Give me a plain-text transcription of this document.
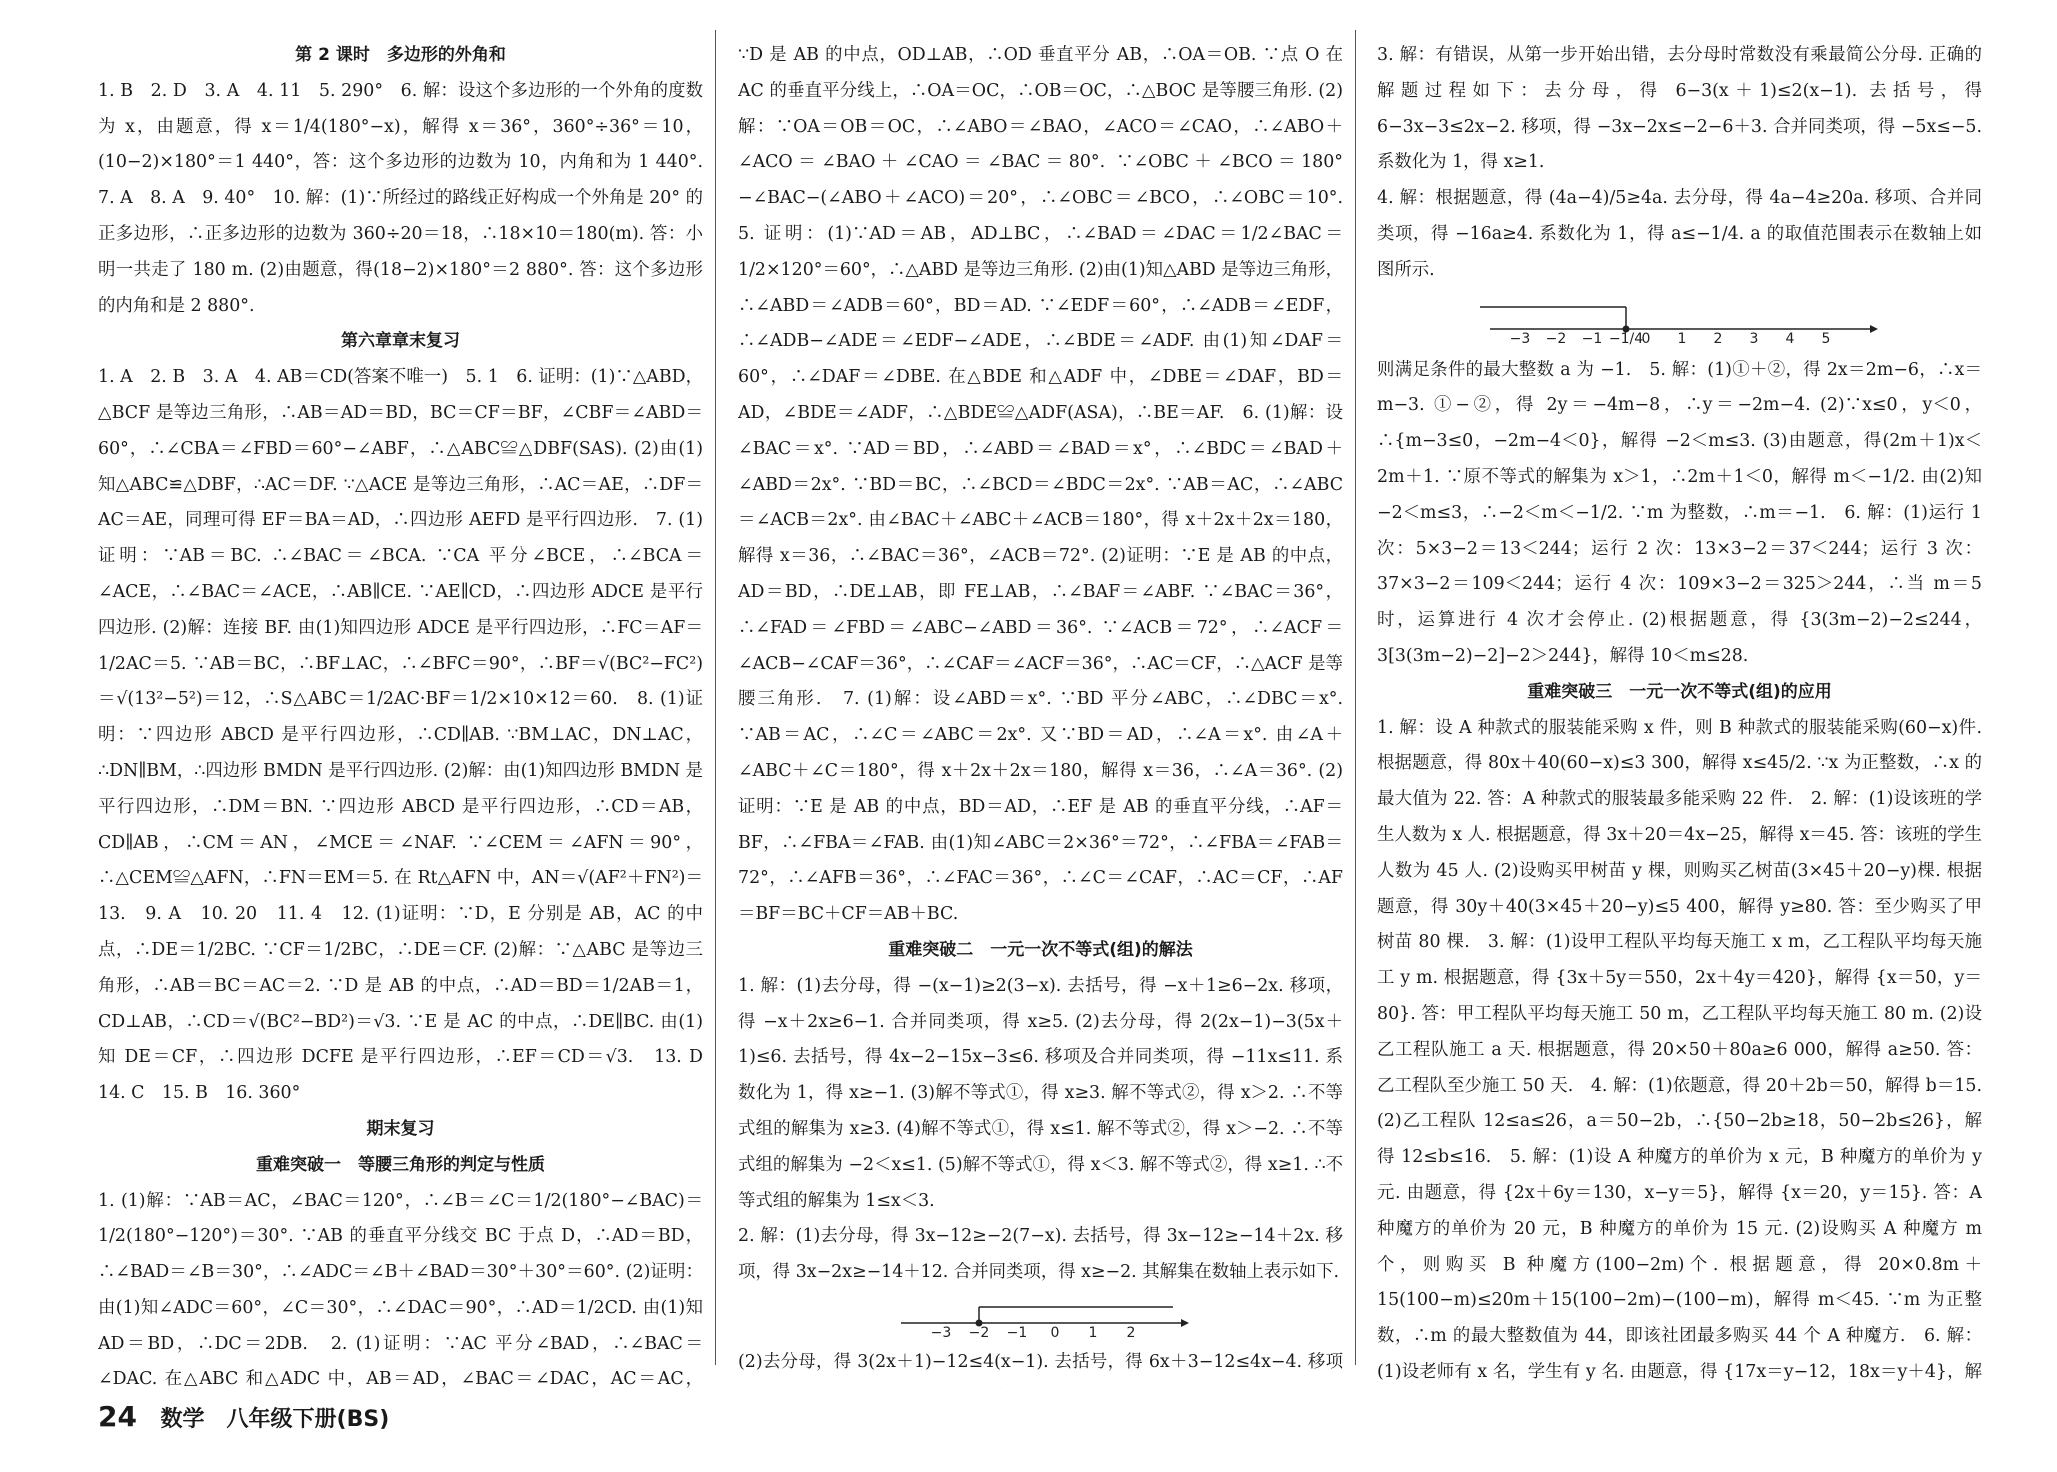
第 2 课时　多边形的外角和

1. B　2. D　3. A　4. 11　5. 290°　6. 解：设这个多边形的一个外角的度数为 x，由题意，得 x＝1/4(180°−x)，解得 x＝36°，360°÷36°＝10，(10−2)×180°＝1 440°，答：这个多边形的边数为 10，内角和为 1 440°.　7. A　8. A　9. 40°　10. 解：(1)∵所经过的路线正好构成一个外角是 20° 的正多边形，∴正多边形的边数为 360÷20＝18，∴18×10＝180(m). 答：小明一共走了 180 m. (2)由题意，得(18−2)×180°＝2 880°. 答：这个多边形的内角和是 2 880°.

第六章章末复习

1. A　2. B　3. A　4. AB＝CD(答案不唯一)　5. 1　6. 证明：(1)∵△ABD，△BCF 是等边三角形，∴AB＝AD＝BD，BC＝CF＝BF，∠CBF＝∠ABD＝60°，∴∠CBA＝∠FBD＝60°−∠ABF，∴△ABC≌△DBF(SAS). (2)由(1)知△ABC≌△DBF，∴AC＝DF. ∵△ACE 是等边三角形，∴AC＝AE，∴DF＝AC＝AE，同理可得 EF＝BA＝AD，∴四边形 AEFD 是平行四边形.　7. (1)证明：∵AB＝BC. ∴∠BAC＝∠BCA. ∵CA 平分∠BCE，∴∠BCA＝∠ACE，∴∠BAC＝∠ACE，∴AB∥CE. ∵AE∥CD，∴四边形 ADCE 是平行四边形. (2)解：连接 BF. 由(1)知四边形 ADCE 是平行四边形，∴FC＝AF＝1/2AC＝5. ∵AB＝BC，∴BF⊥AC，∴∠BFC＝90°，∴BF＝√(BC²−FC²)＝√(13²−5²)＝12，∴S△ABC＝1/2AC·BF＝1/2×10×12＝60.　8. (1)证明：∵四边形 ABCD 是平行四边形，∴CD∥AB. ∵BM⊥AC，DN⊥AC，∴DN∥BM，∴四边形 BMDN 是平行四边形. (2)解：由(1)知四边形 BMDN 是平行四边形，∴DM＝BN. ∵四边形 ABCD 是平行四边形，∴CD＝AB，CD∥AB，∴CM＝AN，∠MCE＝∠NAF. ∵∠CEM＝∠AFN＝90°，∴△CEM≌△AFN，∴FN＝EM＝5. 在 Rt△AFN 中，AN＝√(AF²＋FN²)＝13.　9. A　10. 20　11. 4　12. (1)证明：∵D，E 分别是 AB，AC 的中点，∴DE＝1/2BC. ∵CF＝1/2BC，∴DE＝CF. (2)解：∵△ABC 是等边三角形，∴AB＝BC＝AC＝2. ∵D 是 AB 的中点，∴AD＝BD＝1/2AB＝1，CD⊥AB，∴CD＝√(BC²−BD²)＝√3. ∵E 是 AC 的中点，∴DE∥BC. 由(1)知 DE＝CF，∴四边形 DCFE 是平行四边形，∴EF＝CD＝√3.　13. D　14. C　15. B　16. 360°

期末复习
重难突破一　等腰三角形的判定与性质

1. (1)解：∵AB＝AC，∠BAC＝120°，∴∠B＝∠C＝1/2(180°−∠BAC)＝1/2(180°−120°)＝30°. ∵AB 的垂直平分线交 BC 于点 D，∴AD＝BD，∴∠BAD＝∠B＝30°，∴∠ADC＝∠B＋∠BAD＝30°＋30°＝60°. (2)证明：由(1)知∠ADC＝60°，∠C＝30°，∴∠DAC＝90°，∴AD＝1/2CD. 由(1)知 AD＝BD，∴DC＝2DB.　2. (1)证明：∵AC 平分∠BAD，∴∠BAC＝∠DAC. 在△ABC 和△ADC 中，AB＝AD，∠BAC＝∠DAC，AC＝AC， 　 　

∵D 是 AB 的中点，OD⊥AB，∴OD 垂直平分 AB，∴OA＝OB. ∵点 O 在 AC 的垂直平分线上，∴OA＝OC，∴OB＝OC，∴△BOC 是等腰三角形. (2)解：∵OA＝OB＝OC，∴∠ABO＝∠BAO，∠ACO＝∠CAO，∴∠ABO＋∠ACO＝∠BAO＋∠CAO＝∠BAC＝80°. ∵∠OBC＋∠BCO＝180°−∠BAC−(∠ABO＋∠ACO)＝20°，∴∠OBC＝∠BCO，∴∠OBC＝10°.　5. 证明：(1)∵AD＝AB，AD⊥BC，∴∠BAD＝∠DAC＝1/2∠BAC＝1/2×120°＝60°，∴△ABD 是等边三角形. (2)由(1)知△ABD 是等边三角形，∴∠ABD＝∠ADB＝60°，BD＝AD. ∵∠EDF＝60°，∴∠ADB＝∠EDF，∴∠ADB−∠ADE＝∠EDF−∠ADE，∴∠BDE＝∠ADF. 由(1)知∠DAF＝60°，∴∠DAF＝∠DBE. 在△BDE 和△ADF 中，∠DBE＝∠DAF，BD＝AD，∠BDE＝∠ADF，∴△BDE≌△ADF(ASA)，∴BE＝AF.　6. (1)解：设∠BAC＝x°. ∵AD＝BD，∴∠ABD＝∠BAD＝x°，∴∠BDC＝∠BAD＋∠ABD＝2x°. ∵BD＝BC，∴∠BCD＝∠BDC＝2x°. ∵AB＝AC，∴∠ABC＝∠ACB＝2x°. 由∠BAC＋∠ABC＋∠ACB＝180°，得 x＋2x＋2x＝180，解得 x＝36，∴∠BAC＝36°，∠ACB＝72°. (2)证明：∵E 是 AB 的中点，AD＝BD，∴DE⊥AB，即 FE⊥AB，∴∠BAF＝∠ABF. ∵∠BAC＝36°，∴∠FAD＝∠FBD＝∠ABC−∠ABD＝36°. ∵∠ACB＝72°，∴∠ACF＝∠ACB−∠CAF＝36°，∴∠CAF＝∠ACF＝36°，∴AC＝CF，∴△ACF 是等腰三角形.　7. (1)解：设∠ABD＝x°. ∵BD 平分∠ABC，∴∠DBC＝x°. ∵AB＝AC，∴∠C＝∠ABC＝2x°. 又∵BD＝AD，∴∠A＝x°. 由∠A＋∠ABC＋∠C＝180°，得 x＋2x＋2x＝180，解得 x＝36，∴∠A＝36°. (2)证明：∵E 是 AB 的中点，BD＝AD，∴EF 是 AB 的垂直平分线，∴AF＝BF，∴∠FBA＝∠FAB. 由(1)知∠ABC＝2×36°＝72°，∴∠FBA＝∠FAB＝72°，∴∠AFB＝36°，∴∠FAC＝36°，∴∠C＝∠CAF，∴AC＝CF，∴AF＝BF＝BC＋CF＝AB＋BC.

重难突破二　一元一次不等式(组)的解法

1. 解：(1)去分母，得 −(x−1)≥2(3−x). 去括号，得 −x＋1≥6−2x. 移项，得 −x＋2x≥6−1. 合并同类项，得 x≥5. (2)去分母，得 2(2x−1)−3(5x＋1)≤6. 去括号，得 4x−2−15x−3≤6. 移项及合并同类项，得 −11x≤11. 系数化为 1，得 x≥−1. (3)解不等式①，得 x≥3. 解不等式②，得 x＞2. ∴不等式组的解集为 x≥3. (4)解不等式①，得 x≤1. 解不等式②，得 x＞−2. ∴不等式组的解集为 −2＜x≤1. (5)解不等式①，得 x＜3. 解不等式②，得 x≥1. ∴不等式组的解集为 1≤x＜3.

2. 解：(1)去分母，得 3x−12≥−2(7−x). 去括号，得 3x−12≥−14＋2x. 移项，得 3x−2x≥−14＋12. 合并同类项，得 x≥−2. 其解集在数轴上表示如下.

−3 −2 −1 0 1 2

(2)去分母，得 3(2x＋1)−12≤4(x−1). 去括号，得 6x＋3−12≤4x−4. 移项

3. 解：有错误，从第一步开始出错，去分母时常数没有乘最简公分母. 正确的解题过程如下：去分母，得 6−3(x＋1)≤2(x−1). 去括号，得 6−3x−3≤2x−2. 移项，得 −3x−2x≤−2−6＋3. 合并同类项，得 −5x≤−5. 系数化为 1，得 x≥1.

4. 解：根据题意，得 (4a−4)/5≥4a. 去分母，得 4a−4≥20a. 移项、合并同类项，得 −16a≥4. 系数化为 1，得 a≤−1/4. a 的取值范围表示在数轴上如图所示.

−3 −2 −1 −1/4
0 1 2 3 4 5

则满足条件的最大整数 a 为 −1.　5. 解：(1)①＋②，得 2x＝2m−6，∴x＝m−3. ①−②，得 2y＝−4m−8，∴y＝−2m−4. (2)∵x≤0，y＜0，∴{m−3≤0，−2m−4＜0}，解得 −2＜m≤3. (3)由题意，得(2m＋1)x＜2m＋1. ∵原不等式的解集为 x＞1，∴2m＋1＜0，解得 m＜−1/2. 由(2)知 −2＜m≤3，∴−2＜m＜−1/2. ∵m 为整数，∴m＝−1.　6. 解：(1)运行 1 次：5×3−2＝13＜244；运行 2 次：13×3−2＝37＜244；运行 3 次：37×3−2＝109＜244；运行 4 次：109×3−2＝325＞244，∴当 m＝5 时，运算进行 4 次才会停止. (2)根据题意，得 {3(3m−2)−2≤244，3[3(3m−2)−2]−2＞244}，解得 10＜m≤28.

重难突破三　一元一次不等式(组)的应用

1. 解：设 A 种款式的服装能采购 x 件，则 B 种款式的服装能采购(60−x)件. 根据题意，得 80x＋40(60−x)≤3 300，解得 x≤45/2. ∵x 为正整数，∴x 的最大值为 22. 答：A 种款式的服装最多能采购 22 件.　2. 解：(1)设该班的学生人数为 x 人. 根据题意，得 3x＋20＝4x−25，解得 x＝45. 答：该班的学生人数为 45 人. (2)设购买甲树苗 y 棵，则购买乙树苗(3×45＋20−y)棵. 根据题意，得 30y＋40(3×45＋20−y)≤5 400，解得 y≥80. 答：至少购买了甲树苗 80 棵.　3. 解：(1)设甲工程队平均每天施工 x m，乙工程队平均每天施工 y m. 根据题意，得 {3x＋5y＝550，2x＋4y＝420}，解得 {x＝50，y＝80}. 答：甲工程队平均每天施工 50 m，乙工程队平均每天施工 80 m. (2)设乙工程队施工 a 天. 根据题意，得 20×50＋80a≥6 000，解得 a≥50. 答：乙工程队至少施工 50 天.　4. 解：(1)依题意，得 20＋2b＝50，解得 b＝15. (2)乙工程队 12≤a≤26，a＝50−2b，∴{50−2b≥18，50−2b≤26}，解得 12≤b≤16.　5. 解：(1)设 A 种魔方的单价为 x 元，B 种魔方的单价为 y 元. 由题意，得 {2x＋6y＝130，x−y＝5}，解得 {x＝20，y＝15}. 答：A 种魔方的单价为 20 元，B 种魔方的单价为 15 元. (2)设购买 A 种魔方 m 个，则购买 B 种魔方(100−2m)个. 根据题意，得 20×0.8m＋15(100−m)≤20m＋15(100−2m)−(100−m)，解得 m＜45. ∵m 为正整数，∴m 的最大整数值为 44，即该社团最多购买 44 个 A 种魔方.　6. 解：(1)设老师有 x 名，学生有 y 名. 由题意，得 {17x＝y−12，18x＝y＋4}，解 　

24 数学　八年级下册(BS)
